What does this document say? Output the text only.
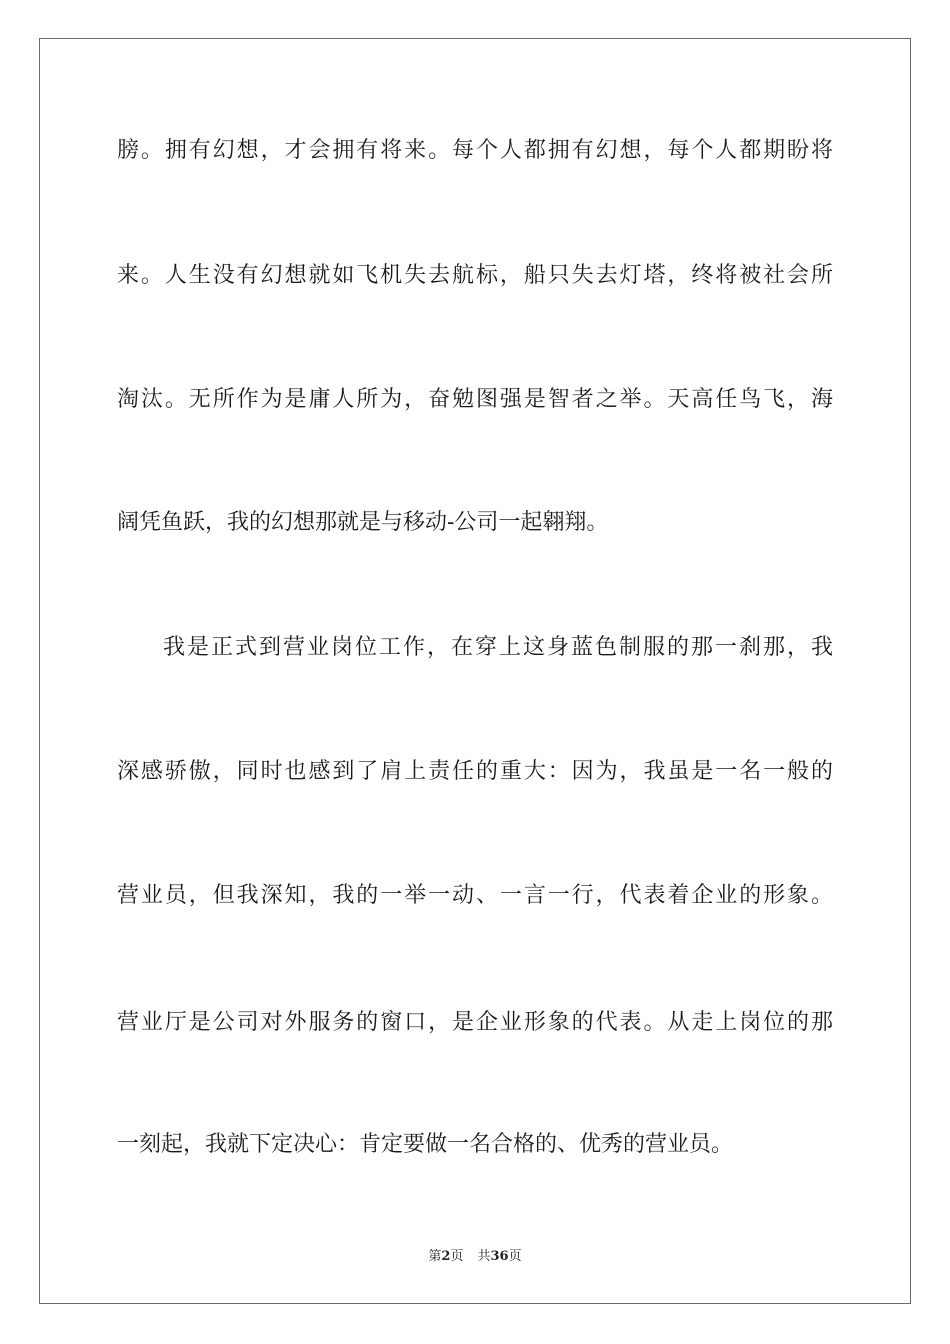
膀。拥有幻想，才会拥有将来。每个人都拥有幻想，每个人都期盼将
来。人生没有幻想就如飞机失去航标，船只失去灯塔，终将被社会所
淘汰。无所作为是庸人所为，奋勉图强是智者之举。天高任鸟飞，海
阔凭鱼跃，我的幻想那就是与移动-公司一起翱翔。
我是正式到营业岗位工作，在穿上这身蓝色制服的那一刹那，我
深感骄傲，同时也感到了肩上责任的重大：因为，我虽是一名一般的
营业员，但我深知，我的一举一动、一言一行，代表着企业的形象。
营业厅是公司对外服务的窗口，是企业形象的代表。从走上岗位的那
一刻起，我就下定决心：肯定要做一名合格的、优秀的营业员。
第2页 共36页
